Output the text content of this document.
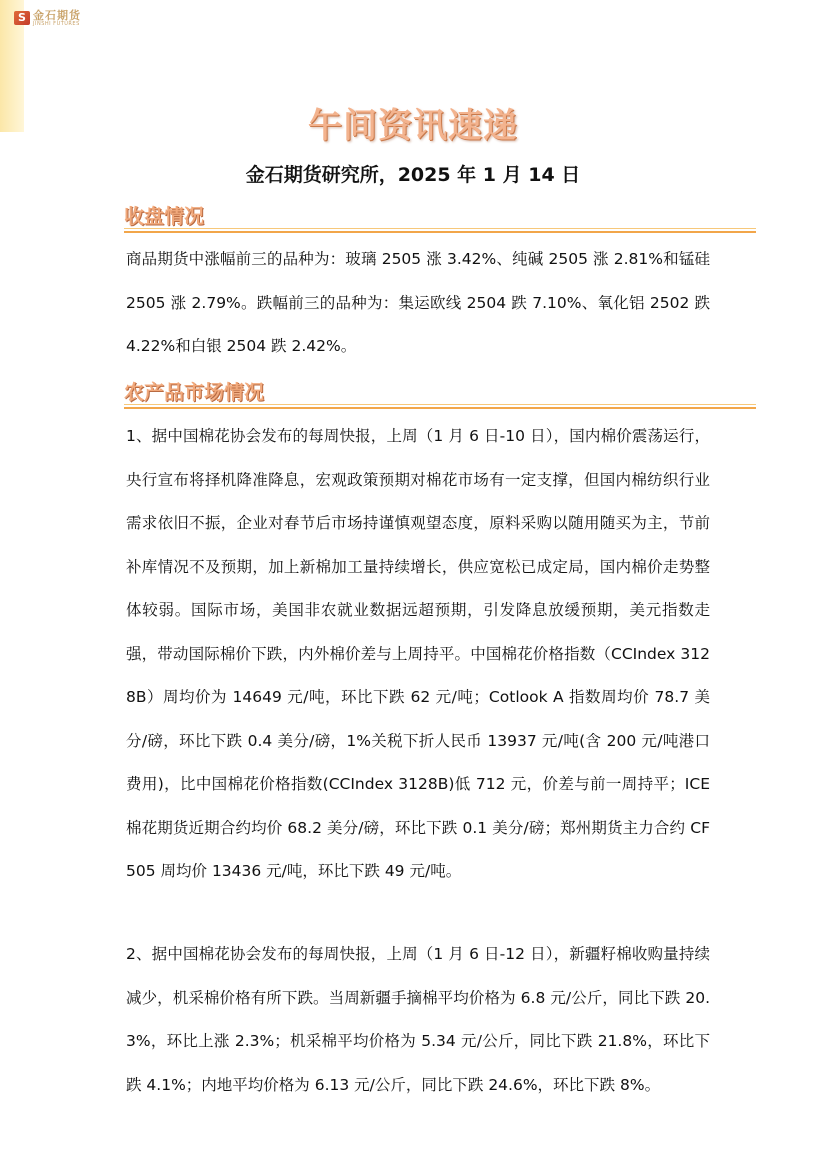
S 金石期货
JINSHI FUTURES
午间资讯速递
金石期货研究所，2025 年 1 月 14 日
收盘情况
商品期货中涨幅前三的品种为：玻璃 2505 涨 3.42%、纯碱 2505 涨 2.81%和锰硅 2505 涨 2.79%。跌幅前三的品种为：集运欧线 2504 跌 7.10%、氧化铝 2502 跌 4.22%和白银 2504 跌 2.42%。
农产品市场情况
1、据中国棉花协会发布的每周快报，上周（1 月 6 日-10 日），国内棉价震荡运行，央行宣布将择机降准降息，宏观政策预期对棉花市场有一定支撑，但国内棉纺织行业需求依旧不振，企业对春节后市场持谨慎观望态度，原料采购以随用随买为主，节前补库情况不及预期，加上新棉加工量持续增长，供应宽松已成定局，国内棉价走势整体较弱。国际市场，美国非农就业数据远超预期，引发降息放缓预期，美元指数走强，带动国际棉价下跌，内外棉价差与上周持平。中国棉花价格指数（CCIndex 3128B）周均价为 14649 元/吨，环比下跌 62 元/吨；Cotlook A 指数周均价 78.7 美分/磅，环比下跌 0.4 美分/磅，1%关税下折人民币 13937 元/吨(含 200 元/吨港口费用)，比中国棉花价格指数(CCIndex 3128B)低 712 元，价差与前一周持平；ICE 棉花期货近期合约均价 68.2 美分/磅，环比下跌 0.1 美分/磅；郑州期货主力合约 CF505 周均价 13436 元/吨，环比下跌 49 元/吨。
2、据中国棉花协会发布的每周快报，上周（1 月 6 日-12 日），新疆籽棉收购量持续减少，机采棉价格有所下跌。当周新疆手摘棉平均价格为 6.8 元/公斤，同比下跌 20.3%，环比上涨 2.3%；机采棉平均价格为 5.34 元/公斤，同比下跌 21.8%，环比下跌 4.1%；内地平均价格为 6.13 元/公斤，同比下跌 24.6%，环比下跌 8%。
